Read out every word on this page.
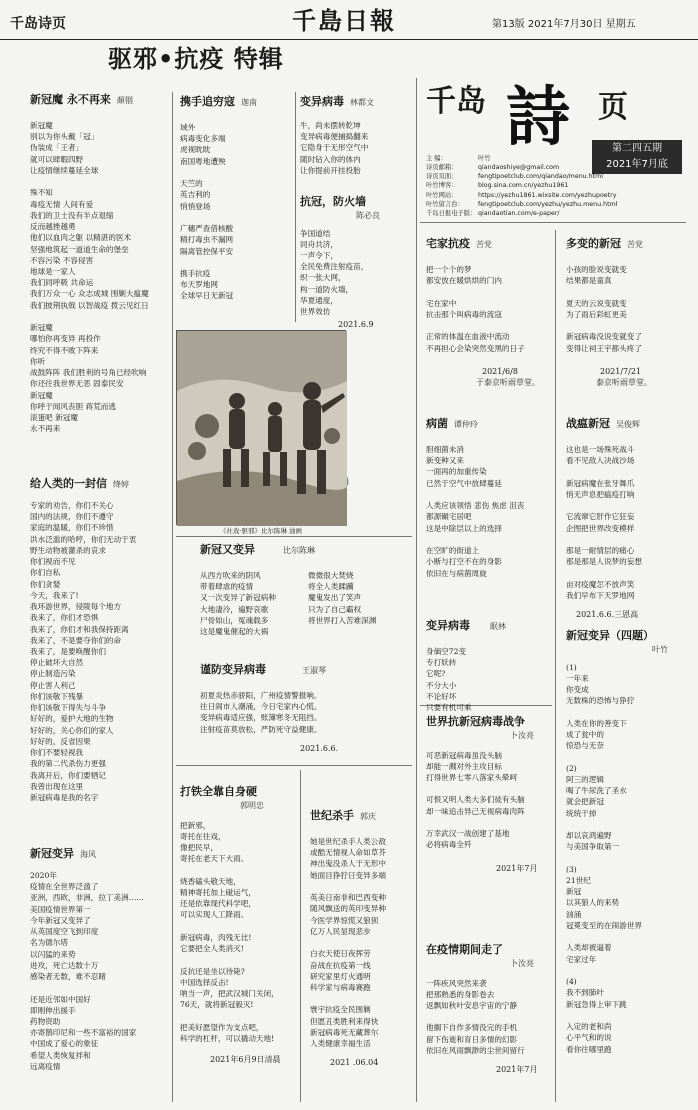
千岛诗页	千島日報	第13版 2021年7月30日 星期五
驱邪•抗疫 特辑
新冠魔 永不再来 顏铟
新冠魔
别以为你头戴「冠」
伪装成「王者」
就可以肆暇四野
让疫情继续蔓延全球

殊不知
毒疫无情 人间有爱
我们的卫士没有半点退缩
反而越挫越勇
他们以血肉之躯 以精湛的医术
坚强地筑起一道道生命的堡垒
不容污染 不容侵害
地球是一家人
我们同呼吸 共命运
我们万众一心 众志成城 围剿大瘟魔
我们披荆执戟 以智战疫 拨云见红日

新冠魔
哪怕你再变异 再投作
终究不得不败下阵来
你听
战鼓阵阵 我们胜利的号角已经吹响
你还往我世界无恶 固泰民安
新冠魔
你呼于闻风丧胆 蒋荒而逃
滚蛋吧 新冠魔
永不再来
给人类的一封信 绛婷
专家的劝告，你们不关心
国内的法规，你们不遵守
家庭的温暖，你们不珍惜
洪水泛滥的哈哼，你们无动于衷
野生动物被灌杀的哀求
你们视而不见
你们自私
你们贪婪
今天，我来了!
我环游世界，侵陵每个地方
我来了，你们才恐惧
我来了，你们才和我保持距离
我来了，不是要夺你们的命
我来了，是要唤醒你们
停止破坏大自然
停止制造污染
停止害人利己
你们该敬下残暴
你们该敬下得失与斗争
好好的，爱护大地的生物
好好的，关心你们的家人
好好的，反省因果
你们不要轻视我
我的第二代杀伤力更强
我离开后，你们要牺记
我曾出现在这里
新冠病毒是我的名字
新冠变异 海风
2020年
疫情在全世界泛滥了
亚洲，西欧，非洲，拉丁美洲……
美国疫情世界第一
今年新冠又变异了
从英国度空飞到印度
名为德尔塔
以闪猛的来势
进攻，死亡达数十万
感染者无数，难不忍睹

还是近邻如中国好
即刚伸出援手
药物资助
亦寄鹊印尼和一些不富裕的国家
中国成了爱心的象征
希望人类恢复拌和
远离疫情
携手追穷寇 迦南
域外
病毒变化多端
虎视眈眈
南国粤地遭殃

天竺的
英吉利的
悄悄登场

广穗严查借核酸
精打毒虫不漏网
隔离管控保平安

携手抗疫
布天罗地网
全球早日无新冠
变异病毒 林都文
牛，尚未摆转乾坤
变异病毒便捕捣翻来
它隐身于无形空气中
随时钻入你的体内
让你提前开挂投胎
抗冠，防火墙
陈必良
争国道结
同舟共济，
一声令下，
全民免费注射疫苗，
织一张大网，
构一道防火墙，
华夏通度，
世界效仿
2021.6.9
《社戏·驱邪》比尔陈琳 油画
新冠又变异	比尔陈琳
从西方吹来的阴风
带着肆虐的疫情
又一次变异了新冠病种
大地凄泠，遍野哀歌
尸骨如山，冤魂载多
这是魔鬼催起的大祸
微微很大焚烧
将全人类蹂躏
魔鬼发出了笑声
只为了自己霸权
将世界打入苦难深渊
谨防变异病毒	王淑琴
初夏炎热赤骄阳，广州疫情警报响。
往日闹市人潮涌，今日宅家内心慌。
变异病毒适应强，账簿寒冬无阻挡。
注射疫苗莫放松，严防死守益健康。
2021.6.6.
打铁全靠自身硬
郭明忠
把新邪，
寄托在往戏，
像把民早，
寄托在老天下大雨。

烧香磕头敬天地，
精神寄托加上碰运气，
还是依靠现代科学吧，
可以实现人工降雨。

新冠病毒，肉残无比!
它要把全人类消灭!

反抗还是坐以待毙?
中国选择反击!
呐当一声，把武汉城门关闭，
76天，就将新冠毅灭!

把美好愿望作为支点吧，
科学的杠杆，可以撬动天地!
2021年6月9日清晨
世纪杀手 郭庆
她是世纪杀手人类公敌
或酷无情视人命如草芥
神出鬼没杀人于无形中
她面目狰狞日变异多端

英美日南非和巴西变种
随风飘送的英印变异种
今医学界惊慌又狼狈
亿万人民显现悲步

白衣天使日夜挥劳
奋战在抗疫第一线
研究家里灯火通明
科学家与病毒赛跑

寰宇抗疫全民围剿
但愿丑类胜利来得快
新冠病毒死无藏葬尔
人类健康幸福生活
2021 .06.04
千岛 詩 页
第二四五期
2021年7月底
主 编：	叶竹
诗页邮箱：	qiandaoshiye@gmail.com
诗页页面：	fengtipoetclub.com/qiandao/menu.html
叶竹博客：	blog.sina.com.cn/yezhu1961
叶竹网站：	https://yezhu1861.wixsite.com/yezhupoetry
叶竹留言台： fengtipoetclub.com/yezhu/yezhu.menu.html
千岛日报电子版： qiandaotian.com/e-paper/
宅家抗疫 苦党
把一个个的梦
都安放在暖烘烘的门内

宅在家中
抗击那个叫病毒的流寇

正常的体温在血液中流动
不再担心会染突然变黑的日子
2021/6/8
于泰京听雨草堂。
病菌 谭仲玲
胆细菌未消
新变种又来
一面再的加重传染
已然于空气中放肆蔓延

人类应该领悟 悲伤 焦虑 沮丧
都源碾宅居吧
这是中除层以上的选择

在空旷的街道上
小断与打空不在的身影
依旧在与病菌周旋
变异病毒	眠林
身価空72变
专打妖转
它呢?
不分大小
不论好坏
只要有机可乘
世界抗新冠病毒战争
卜汝亮
可恶新冠病毒虽没头脑
却能一溅对外主攻目标
打得世界七零八落家头晕呵

可恨又明人类大多们徒有头脑
却一味追击异己无视病毒肉阵

万幸武汉一战创建了基地
必将病毒全歼
2021年7月
在疫情期间走了
卜汝亮
一阵疾风突然来袭
把那熟悉的身影卷去
返飘如秋叶安息宇宙的宁静

他搁下自作多情没完的手机
留下伤逝和育日多情的幻影
依旧在风雨飘渺的尘世间留行
2021年7月
多变的新冠 苦党
小孩的脸说变就变
结果都是童真

夏天的云说变就变
为了雨后彩虹更美

新冠病毒没说变就变了
变得让祠王宇都头疼了
2021/7/21
泰京听雨草堂。
战瘟新冠 吴俊辉
这也是一场殊死战斗
看不见敌人决战沙场

新冠病魔在张牙舞爪
悄无声息把瘟疫打响

它流窜它肝作它狂妄
企图把世界改变模样

那是一耐情层的痛心
那是那是人说梦的妄想

亩对疫魔怎不放声笑
我们早布下天罗地网
2021.6.6.三恩高
新冠变异（四题）
叶竹
(1)
一年来
你变成
无数株的恐怖与狰狞

人类在你的善变下
成了瓮中的
惊恐与无奈

(2)
阿三的逻辑
喝了牛尿洗了圣水
就会把新冠
统统干掉

却以哀鸿遍野
与美国争取第一

(3)
21世纪
新冠
以其狼人的来势
汹涌
冠冕变至的在闹游世界

人类却被逼着
宅家过年

(4)
我不到肺叶
新冠急得上审下跳

入定的老和尚
心平气和的说
看你往哪里跑
